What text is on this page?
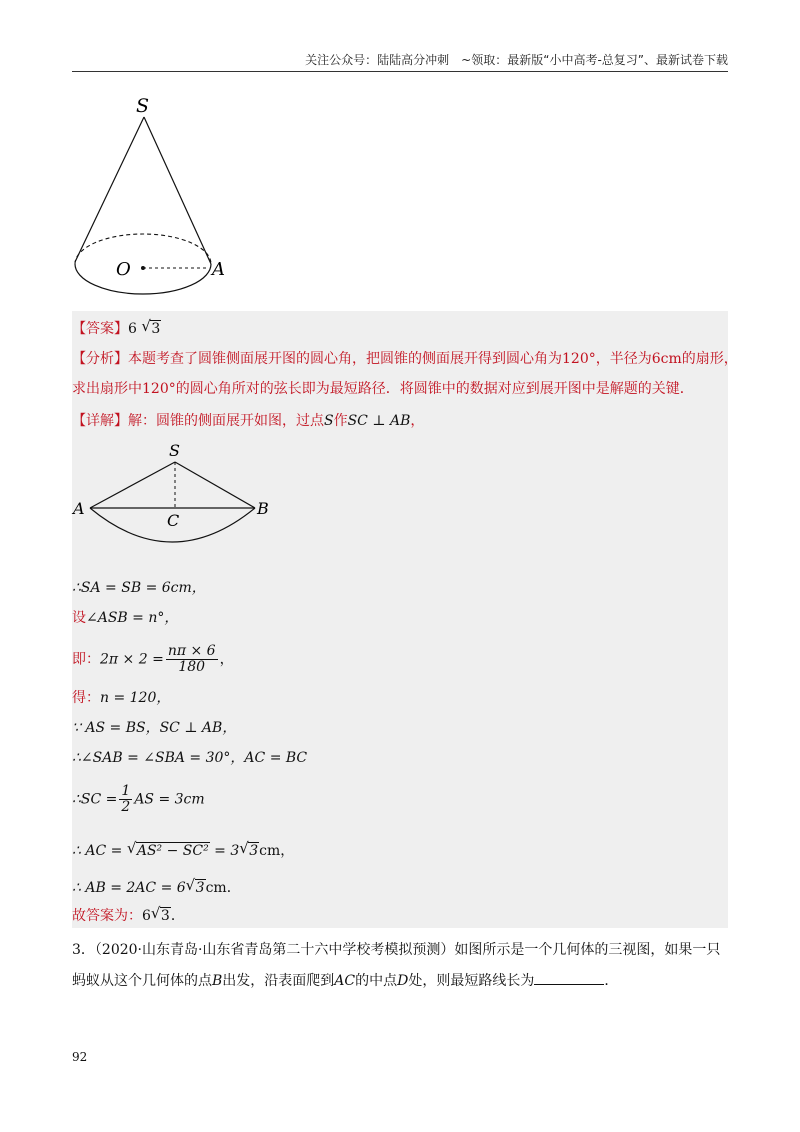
关注公众号：陆陆高分冲刺　~领取：最新版“小中高考-总复习”、最新试卷下载
S
O	A
【答案】6 √ 3
【分析】本题考查了圆锥侧面展开图的圆心角，把圆锥的侧面展开得到圆心角为120°，半径为6cm的扇形，
求出扇形中120°的圆心角所对的弦长即为最短路径．将圆锥中的数据对应到展开图中是解题的关键．
【详解】解：圆锥的侧面展开如图，过点S作SC ⊥ AB，
S
A	B
C
∴SA = SB = 6cm，
设∠ASB = n°，
即：$2\pi \times 2 = \frac{n\pi \times 6}{180}$ ，
得：n = 120，
∵ AS = BS，SC ⊥ AB，
∴∠SAB = ∠SBA = 30°，AC = BC
∴SC = $\frac{1}{2}$ AS = 3cm
∴ AC = √ AS² − SC² = 3 √ 3cm，
∴ AB = 2AC = 6 √ 3cm．
故答案为：6 √ 3．
3．（2020·山东青岛·山东省青岛第二十六中学校考模拟预测）如图所示是一个几何体的三视图，如果一只
蚂蚁从这个几何体的点B出发，沿表面爬到AC的中点D处，则最短路线长为	．
92
